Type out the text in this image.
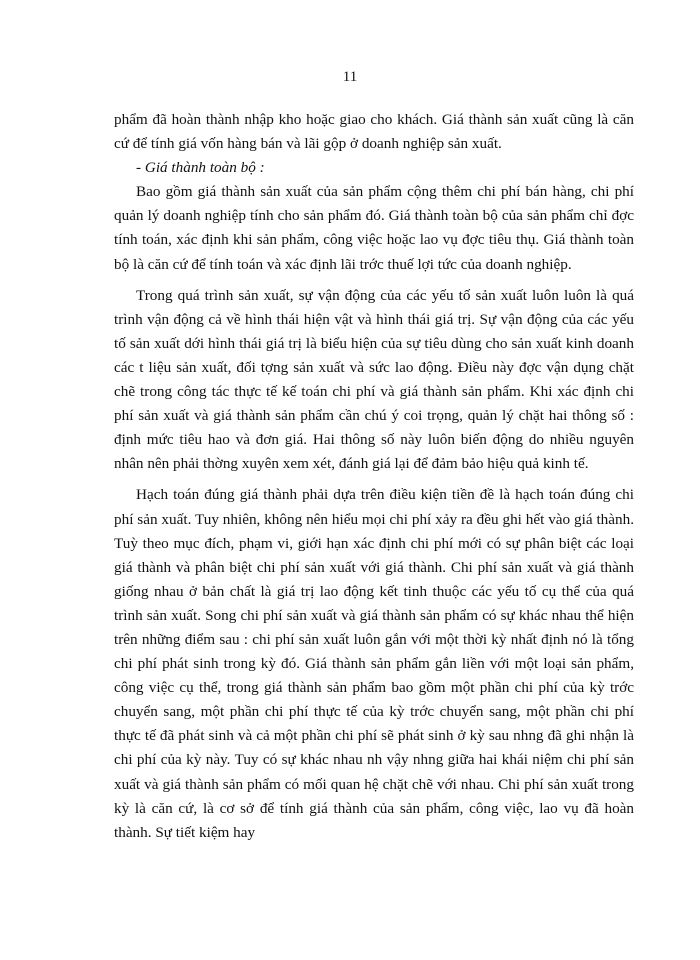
11

phẩm đã hoàn thành nhập kho hoặc giao cho khách. Giá thành sản xuất cũng là căn cứ để tính giá vốn hàng bán và lãi gộp ở doanh nghiệp sản xuất.

- Giá thành toàn bộ :

Bao gồm giá thành sản xuất của sản phẩm cộng thêm chi phí bán hàng, chi phí quản lý doanh nghiệp tính cho sản phẩm đó. Giá thành toàn bộ của sản phẩm chỉ đợc tính toán, xác định khi sản phẩm, công việc hoặc lao vụ đợc tiêu thụ. Giá thành toàn bộ là căn cứ để tính toán và xác định lãi trớc thuế lợi tức của doanh nghiệp.

Trong quá trình sản xuất, sự vận động của các yếu tố sản xuất luôn luôn là quá trình vận động cả về hình thái hiện vật và hình thái giá trị. Sự vận động của các yếu tố sản xuất dới hình thái giá trị là biểu hiện của sự tiêu dùng cho sản xuất kinh doanh các t liệu sản xuất, đối tợng sản xuất và sức lao động. Điều này đợc vận dụng chặt chẽ trong công tác thực tế kế toán chi phí và giá thành sản phẩm. Khi xác định chi phí sản xuất và giá thành sản phẩm cần chú ý coi trọng, quản lý chặt hai thông số : định mức tiêu hao và đơn giá. Hai thông số này luôn biến động do nhiều nguyên nhân nên phải thờng xuyên xem xét, đánh giá lại để đảm bảo hiệu quả kinh tế.

Hạch toán đúng giá thành phải dựa trên điều kiện tiền đề là hạch toán đúng chi phí sản xuất. Tuy nhiên, không nên hiểu mọi chi phí xảy ra đều ghi hết vào giá thành. Tuỳ theo mục đích, phạm vi, giới hạn xác định chi phí mới có sự phân biệt các loại giá thành và phân biệt chi phí sản xuất với giá thành. Chi phí sản xuất và giá thành giống nhau ở bản chất là giá trị lao động kết tinh thuộc các yếu tố cụ thể của quá trình sản xuất. Song chi phí sản xuất và giá thành sản phẩm có sự khác nhau thể hiện trên những điểm sau : chi phí sản xuất luôn gắn với một thời kỳ nhất định nó là tổng chi phí phát sinh trong kỳ đó. Giá thành sản phẩm gắn liền với một loại sản phẩm, công việc cụ thể, trong giá thành sản phẩm bao gồm một phần chi phí của kỳ trớc chuyển sang, một phần chi phí thực tế của kỳ trớc chuyển sang, một phần chi phí thực tế đã phát sinh và cả một phần chi phí sẽ phát sinh ở kỳ sau nhng đã ghi nhận là chi phí của kỳ này. Tuy có sự khác nhau nh vậy nhng giữa hai khái niệm chi phí sản xuất và giá thành sản phẩm có mối quan hệ chặt chẽ với nhau. Chi phí sản xuất trong kỳ là căn cứ, là cơ sở để tính giá thành của sản phẩm, công việc, lao vụ đã hoàn thành. Sự tiết kiệm hay
